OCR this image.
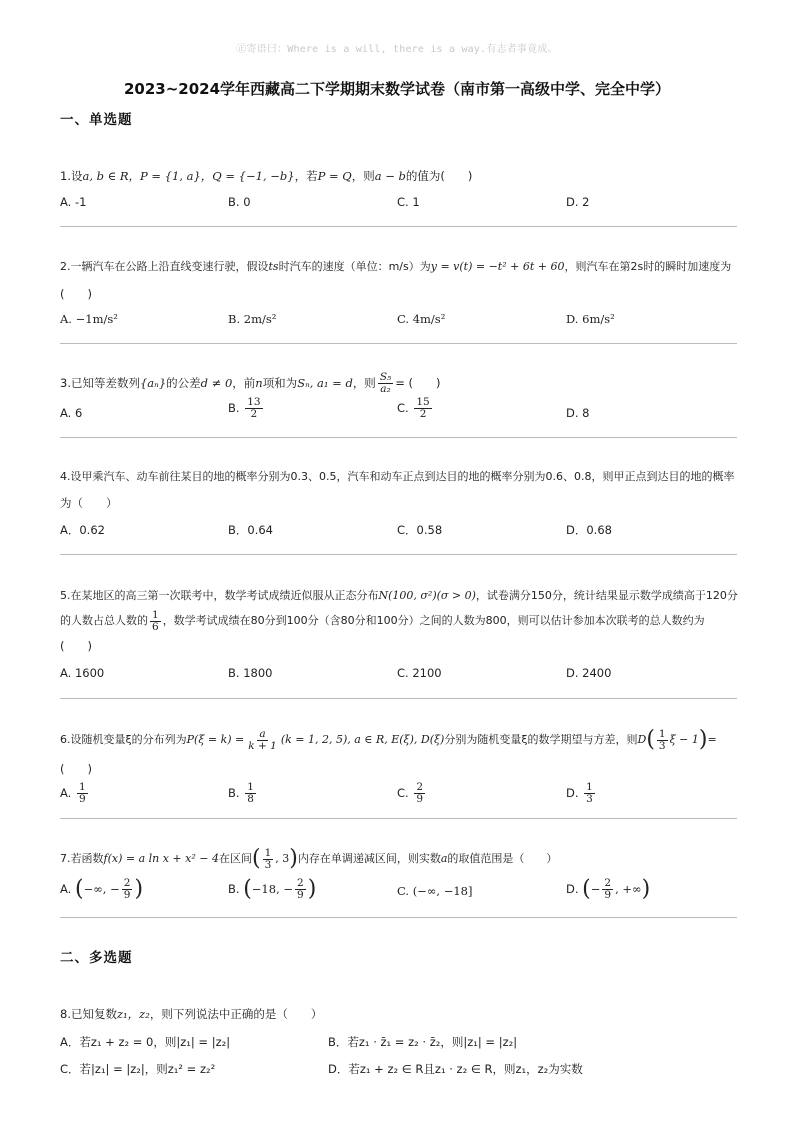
㊣寄语曰：Where is a will, there is a way.有志者事竟成。
2023~2024学年西藏高二下学期期末数学试卷（南市第一高级中学、完全中学）
一、单选题
1.设a, b ∈ R，P = {1, a}，Q = {−1, −b}，若P = Q，则a − b的值为(　　)
A. -1	B. 0	C. 1	D. 2
2.一辆汽车在公路上沿直线变速行驶，假设ts时汽车的速度（单位：m/s）为y = v(t) = −t² + 6t + 60，则汽车在第2s时的瞬时加速度为
(　　)
A. −1m/s²	B. 2m/s²	C. 4m/s²	D. 6m/s²
3.已知等差数列{aₙ}的公差d ≠ 0，前n项和为Sₙ, a₁ = d，则 $\frac{\text{S₅}}{\text{a₂}}$ = (　　)
A. 6	B. $\frac{13}{2}$	C. $\frac{15}{2}$	D. 8
4.设甲乘汽车、动车前往某目的地的概率分别为0.3、0.5，汽车和动车正点到达目的地的概率分别为0.6、0.8，则甲正点到达目的地的概率
为（　　）
A．0.62	B．0.64	C．0.58	D．0.68
5.在某地区的高三第一次联考中，数学考试成绩近似服从正态分布N(100, σ²)(σ > 0)，试卷满分150分，统计结果显示数学成绩高于120分
的人数占总人数的 $\frac{1}{6}$ ，数学考试成绩在80分到100分（含80分和100分）之间的人数为800，则可以估计参加本次联考的总人数约为
(　　)
A. 1600	B. 1800	C. 2100	D. 2400
6.设随机变量ξ的分布列为$P(\xi = k) = \frac{a}{k + 1} (k = 1$, 2, 5), a ∈ R, E(ξ), D(ξ)分别为随机变量ξ的数学期望与方差，则$D( \frac{1}{3}$ ξ − 1)=
(　　)
A. $\frac{1}{9}$	B. $\frac{1}{8}$	C. $\frac{2}{9}$	D. $\frac{1}{3}$
7.若函数f(x) = a ln x + x² − 4在区间( $\frac{1}{3}$ , 3)内存在单调递减区间，则实数a的取值范围是（　　）
A. (−∞, − $\frac{2}{9}$ )	B. (−18, − $\frac{2}{9}$ )	C. (−∞, −18]	D. (− $\frac{2}{9}$ , +∞)
二、多选题
8.已知复数z₁，z₂，则下列说法中正确的是（　　）
A．若z₁ + z₂ = 0，则|z₁| = |z₂|	B．若z₁ · z̄₁ = z₂ · z̄₂，则|z₁| = |z₂|
C．若|z₁| = |z₂|，则z₁² = z₂²	D．若z₁ + z₂ ∈ R且z₁ · z₂ ∈ R，则z₁，z₂为实数
